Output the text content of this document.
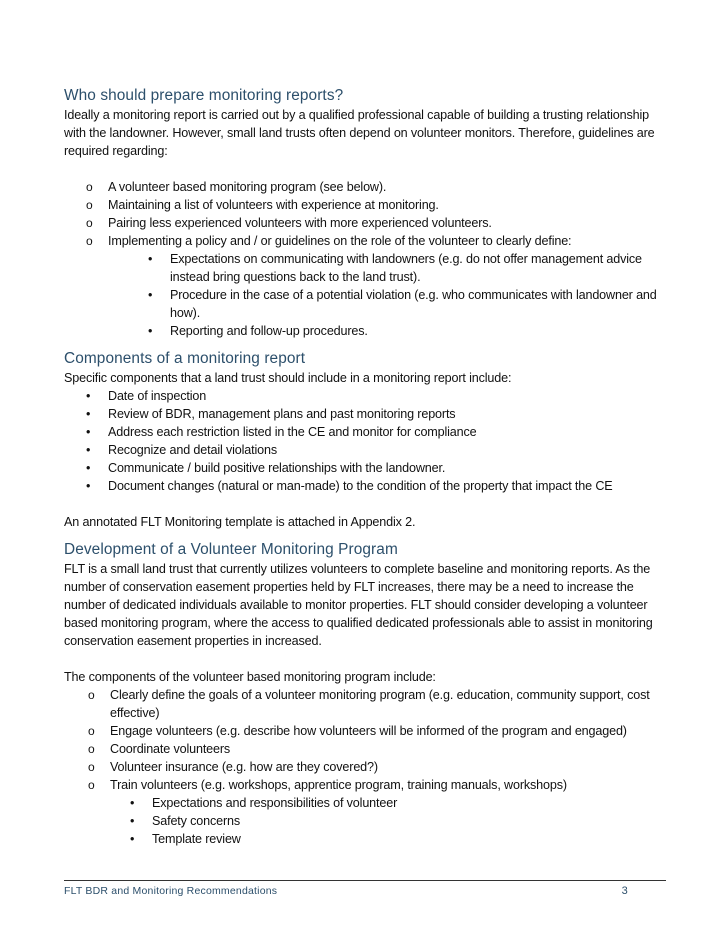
Who should prepare monitoring reports?

Ideally a monitoring report is carried out by a qualified professional capable of building a trusting relationship with the landowner. However, small land trusts often depend on volunteer monitors. Therefore, guidelines are required regarding:

o	A volunteer based monitoring program (see below).
o	Maintaining a list of volunteers with experience at monitoring.
o	Pairing less experienced volunteers with more experienced volunteers.
o	Implementing a policy and / or guidelines on the role of the volunteer to clearly define:
•	Expectations on communicating with landowners (e.g. do not offer management advice instead bring questions back to the land trust).
•	Procedure in the case of a potential violation (e.g. who communicates with landowner and how).
•	Reporting and follow-up procedures.
Components of a monitoring report

Specific components that a land trust should include in a monitoring report include:

• Date of inspection
• Review of BDR, management plans and past monitoring reports
• Address each restriction listed in the CE and monitor for compliance
• Recognize and detail violations
• Communicate / build positive relationships with the landowner.
• Document changes (natural or man-made) to the condition of the property that impact the CE

An annotated FLT Monitoring template is attached in Appendix 2.

Development of a Volunteer Monitoring Program

FLT is a small land trust that currently utilizes volunteers to complete baseline and monitoring reports. As the number of conservation easement properties held by FLT increases, there may be a need to increase the number of dedicated individuals available to monitor properties. FLT should consider developing a volunteer based monitoring program, where the access to qualified dedicated professionals able to assist in monitoring conservation easement properties in increased.

The components of the volunteer based monitoring program include:

o Clearly define the goals of a volunteer monitoring program (e.g. education, community support, cost effective)
o Engage volunteers (e.g. describe how volunteers will be informed of the program and engaged)
o Coordinate volunteers
o Volunteer insurance (e.g. how are they covered?)
o Train volunteers (e.g. workshops, apprentice program, training manuals, workshops)
• Expectations and responsibilities of volunteer
• Safety concerns
• Template review
FLT BDR and Monitoring Recommendations	3
